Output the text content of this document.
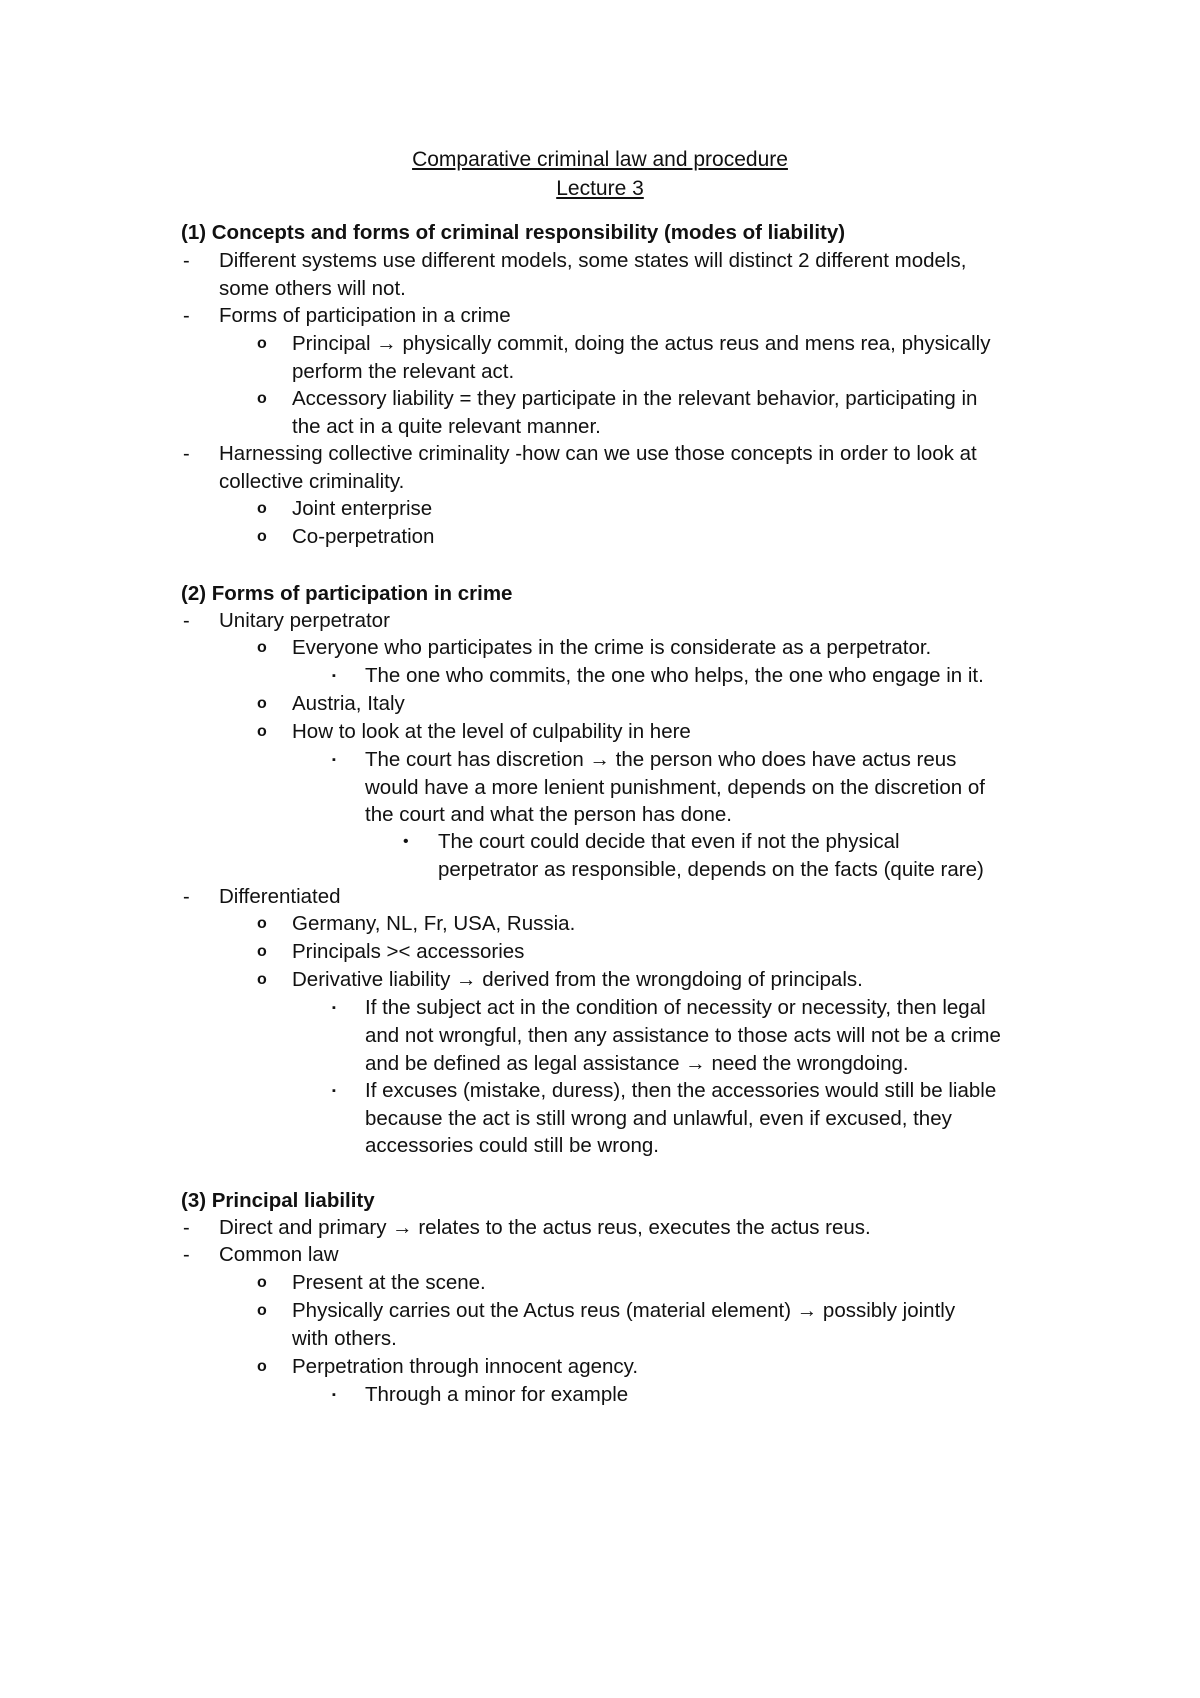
Comparative criminal law and procedure
Lecture 3
(1) Concepts and forms of criminal responsibility (modes of liability)
- Different systems use different models, some states will distinct 2 different models,
some others will not.
- Forms of participation in a crime
o Principal → physically commit, doing the actus reus and mens rea, physically
perform the relevant act.
o Accessory liability = they participate in the relevant behavior, participating in
the act in a quite relevant manner.
- Harnessing collective criminality -how can we use those concepts in order to look at
collective criminality.
o Joint enterprise
o Co-perpetration
(2) Forms of participation in crime
- Unitary perpetrator
o Everyone who participates in the crime is considerate as a perpetrator.
▪ The one who commits, the one who helps, the one who engage in it.
o Austria, Italy
o How to look at the level of culpability in here
▪ The court has discretion → the person who does have actus reus
would have a more lenient punishment, depends on the discretion of
the court and what the person has done.
• The court could decide that even if not the physical
perpetrator as responsible, depends on the facts (quite rare)
- Differentiated
o Germany, NL, Fr, USA, Russia.
o Principals >< accessories
o Derivative liability → derived from the wrongdoing of principals.
▪ If the subject act in the condition of necessity or necessity, then legal
and not wrongful, then any assistance to those acts will not be a crime
and be defined as legal assistance → need the wrongdoing.
▪ If excuses (mistake, duress), then the accessories would still be liable
because the act is still wrong and unlawful, even if excused, they
accessories could still be wrong.
(3) Principal liability
- Direct and primary → relates to the actus reus, executes the actus reus.
- Common law
o Present at the scene.
o Physically carries out the Actus reus (material element) → possibly jointly
with others.
o Perpetration through innocent agency.
▪ Through a minor for example
